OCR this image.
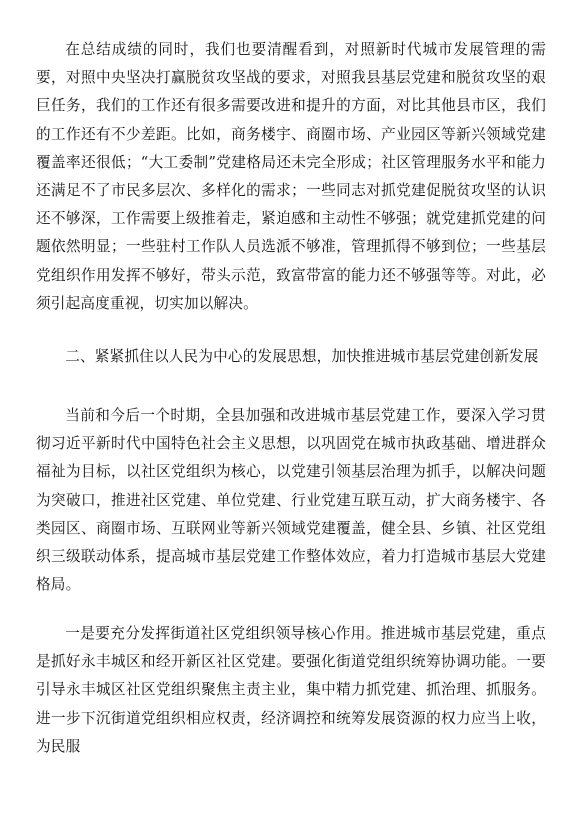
在总结成绩的同时，我们也要清醒看到，对照新时代城市发展管理的需要，对照中央坚决打赢脱贫攻坚战的要求，对照我县基层党建和脱贫攻坚的艰巨任务，我们的工作还有很多需要改进和提升的方面，对比其他县市区，我们的工作还有不少差距。比如，商务楼宇、商圈市场、产业园区等新兴领域党建覆盖率还很低；“大工委制”党建格局还未完全形成；社区管理服务水平和能力还满足不了市民多层次、多样化的需求；一些同志对抓党建促脱贫攻坚的认识还不够深，工作需要上级推着走，紧迫感和主动性不够强；就党建抓党建的问题依然明显；一些驻村工作队人员选派不够准，管理抓得不够到位；一些基层党组织作用发挥不够好，带头示范，致富带富的能力还不够强等等。对此，必须引起高度重视，切实加以解决。

二、紧紧抓住以人民为中心的发展思想，加快推进城市基层党建创新发展

当前和今后一个时期，全县加强和改进城市基层党建工作，要深入学习贯彻习近平新时代中国特色社会主义思想，以巩固党在城市执政基础、增进群众福祉为目标，以社区党组织为核心，以党建引领基层治理为抓手，以解决问题为突破口，推进社区党建、单位党建、行业党建互联互动，扩大商务楼宇、各类园区、商圈市场、互联网业等新兴领域党建覆盖，健全县、乡镇、社区党组织三级联动体系，提高城市基层党建工作整体效应，着力打造城市基层大党建格局。

一是要充分发挥街道社区党组织领导核心作用。推进城市基层党建，重点是抓好永丰城区和经开新区社区党建。要强化街道党组织统筹协调功能。一要引导永丰城区社区党组织聚焦主责主业，集中精力抓党建、抓治理、抓服务。进一步下沉街道党组织相应权责，经济调控和统筹发展资源的权力应当上收，为民服
